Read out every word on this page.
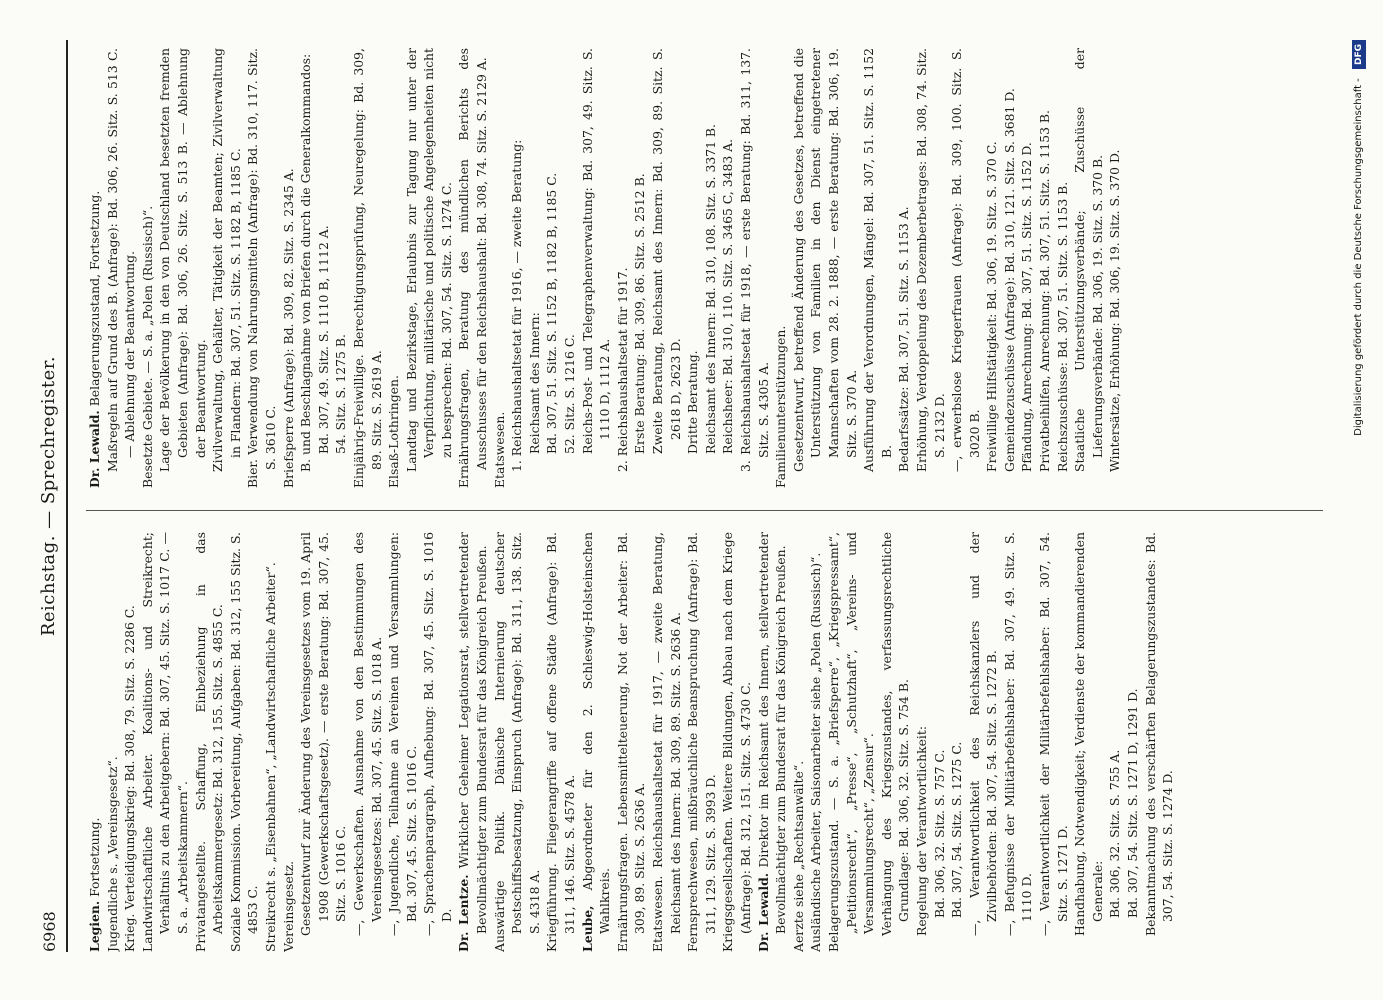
6968
Reichstag. — Sprechregister.
Legien. Fortsetzung. Jugendliche s. „Vereinsgesetz“. Krieg. Verteidigungskrieg: Bd. 308, 79. Sitz. S. 2286 C. Landwirtschaftliche Arbeiter. Koalitions- und Streikrecht; Verhältnis zu den Arbeitgebern: Bd. 307, 45. Sitz. S. 1017 C. — S. a. „Arbeitskammern“. Privatangestellte. Schaffung, Einbeziehung in das Arbeitskammergesetz: Bd. 312, 155. Sitz. S. 4855 C. Soziale Kommission. Vorbereitung, Aufgaben: Bd. 312, 155 Sitz. S. 4853 C. Streikrecht s. „Eisenbahnen“, „Landwirtschaftliche Arbeiter“. Vereinsgesetz. Gesetzentwurf zur Änderung des Vereinsgesetzes vom 19. April 1908 (Gewerkschaftsgesetz). — erste Beratung: Bd. 307, 45. Sitz. S. 1016 C. —, Gewerkschaften. Ausnahme von den Bestimmungen des Vereinsgesetzes: Bd. 307, 45. Sitz. S. 1018 A. —, Jugendliche, Teilnahme an Vereinen und Versammlungen: Bd. 307, 45. Sitz. S. 1016 C. —, Sprachenparagraph, Aufhebung: Bd. 307, 45. Sitz. S. 1016 D. Dr. Lentze. Wirklicher Geheimer Legationsrat, stellvertretender Bevollmächtigter zum Bundesrat für das Königreich Preußen. Auswärtige Politik. Dänische Internierung deutscher Postschiffsbesatzung, Einspruch (Anfrage): Bd. 311, 138. Sitz. S. 4318 A. Kriegführung. Fliegerangriffe auf offene Städte (Anfrage): Bd. 311, 146. Sitz. S. 4578 A. Leube, Abgeordneter für den 2. Schleswig-Holsteinschen Wahlkreis. Ernährungsfragen. Lebensmittelteuerung, Not der Arbeiter: Bd. 309, 89. Sitz. S. 2636 A. Etatswesen. Reichshaushaltsetat für 1917, — zweite Beratung, Reichsamt des Innern: Bd. 309, 89. Sitz. S. 2636 A. Fernsprechwesen, mißbräuchliche Beanspruchung (Anfrage): Bd. 311, 129. Sitz. S. 3993 D. Kriegsgesellschaften. Weitere Bildungen, Abbau nach dem Kriege (Anfrage): Bd. 312, 151. Sitz. S. 4730 C. Dr. Lewald. Direktor im Reichsamt des Innern, stellvertretender Bevollmächtigter zum Bundesrat für das Königreich Preußen. Aerzte siehe „Rechtsanwälte“. Ausländische Arbeiter, Saisonarbeiter siehe „Polen (Russisch)“. Belagerungszustand. — S. a. „Briefsperre“, „Kriegspressamt“, „Petitionsrecht“, „Presse“, „Schutzhaft“, „Vereins- und Versammlungsrecht“, „Zensur“. Verhängung des Kriegszustandes, verfassungsrechtliche Grundlage: Bd. 306, 32. Sitz. S. 754 B. Regelung der Verantwortlichkeit: Bd. 306, 32. Sitz. S. 757 C. Bd. 307, 54. Sitz. S. 1275 C. —, Verantwortlichkeit des Reichskanzlers und der Zivilbehörden: Bd. 307, 54. Sitz. S. 1272 B. —, Befugnisse der Militärbefehlshaber: Bd. 307, 49. Sitz. S. 1110 D. —, Verantwortlichkeit der Militärbefehlshaber: Bd. 307, 54. Sitz. S. 1271 D. Handhabung, Notwendigkeit; Verdienste der kommandierenden Generale: Bd. 306, 32. Sitz. S. 755 A. Bd. 307, 54. Sitz. S. 1271 D, 1291 D. Bekanntmachung des verschärften Belagerungszustandes: Bd. 307, 54. Sitz. S. 1274 D.
Dr. Lewald. Belagerungszustand, Fortsetzung. Maßregeln auf Grund des B. (Anfrage): Bd. 306, 26. Sitz. S. 513 C. — Ablehnung der Beantwortung. Besetzte Gebiete. — S. a. „Polen (Russisch)“. Lage der Bevölkerung in den von Deutschland besetzten fremden Gebieten (Anfrage): Bd. 306, 26. Sitz. S. 513 B. — Ablehnung der Beantwortung. Zivilverwaltung, Gehälter, Tätigkeit der Beamten; Zivilverwaltung in Flandern: Bd. 307, 51. Sitz. S. 1182 B, 1185 C. Bier. Verwendung von Nahrungsmitteln (Anfrage): Bd. 310, 117. Sitz. S. 3610 C. Briefsperre (Anfrage): Bd. 309, 82. Sitz. S. 2345 A. B. und Beschlagnahme von Briefen durch die Generalkommandos: Bd. 307, 49. Sitz. S. 1110 B, 1112 A. 54. Sitz. S. 1275 B. Einjährig-Freiwillige. Berechtigungsprüfung, Neuregelung: Bd. 309, 89. Sitz. S. 2619 A. Elsaß-Lothringen. Landtag und Bezirkstage, Erlaubnis zur Tagung nur unter der Verpflichtung, militärische und politische Angelegenheiten nicht zu besprechen: Bd. 307, 54. Sitz. S. 1274 C. Ernährungsfragen, Beratung des mündlichen Berichts des Ausschusses für den Reichshaushalt: Bd. 308, 74. Sitz. S. 2129 A. Etatswesen. 1. Reichshaushaltsetat für 1916, — zweite Beratung: Reichsamt des Innern: Bd. 307, 51. Sitz. S. 1152 B, 1182 B, 1185 C. 52. Sitz. S. 1216 C. Reichs-Post- und Telegraphenverwaltung: Bd. 307, 49. Sitz. S. 1110 D, 1112 A. 2. Reichshaushaltsetat für 1917. Erste Beratung: Bd. 309, 86. Sitz. S. 2512 B. Zweite Beratung, Reichsamt des Innern: Bd. 309, 89. Sitz. S. 2618 D, 2623 D. Dritte Beratung. Reichsamt des Innern: Bd. 310, 108. Sitz. S. 3371 B. Reichsheer: Bd. 310, 110. Sitz. S. 3465 C, 3483 A. 3. Reichshaushaltsetat für 1918, — erste Beratung: Bd. 311, 137. Sitz. S. 4305 A. Familienunterstützungen. Gesetzentwurf, betreffend Änderung des Gesetzes, betreffend die Unterstützung von Familien in den Dienst eingetretener Mannschaften vom 28. 2. 1888, — erste Beratung: Bd. 306, 19. Sitz. S. 370 A. Ausführung der Verordnungen, Mängel: Bd. 307, 51. Sitz. S. 1152 B. Bedarfssätze: Bd. 307, 51. Sitz. S. 1153 A. Erhöhung, Verdoppelung des Dezemberbetrages: Bd. 308, 74. Sitz. S. 2132 D. —, erwerbslose Kriegerfrauen (Anfrage): Bd. 309, 100. Sitz. S. 3020 B. Freiwillige Hilfstätigkeit: Bd. 306, 19. Sitz. S. 370 C. Gemeindezuschüsse (Anfrage): Bd. 310, 121. Sitz. S. 3681 D. Pfändung, Anrechnung: Bd. 307, 51. Sitz. S. 1152 D. Privatbeihilfen, Anrechnung: Bd. 307, 51. Sitz. S. 1153 B. Reichszuschüsse: Bd. 307, 51. Sitz. S. 1153 B. Staatliche Unterstützungsverbände; Zuschüsse der Lieferungsverbände: Bd. 306, 19. Sitz. S. 370 B. Wintersätze, Erhöhung: Bd. 306, 19. Sitz. S. 370 D.	Digitalisierung gefördert durch die Deutsche Forschungsgemeinschaft - DFG
